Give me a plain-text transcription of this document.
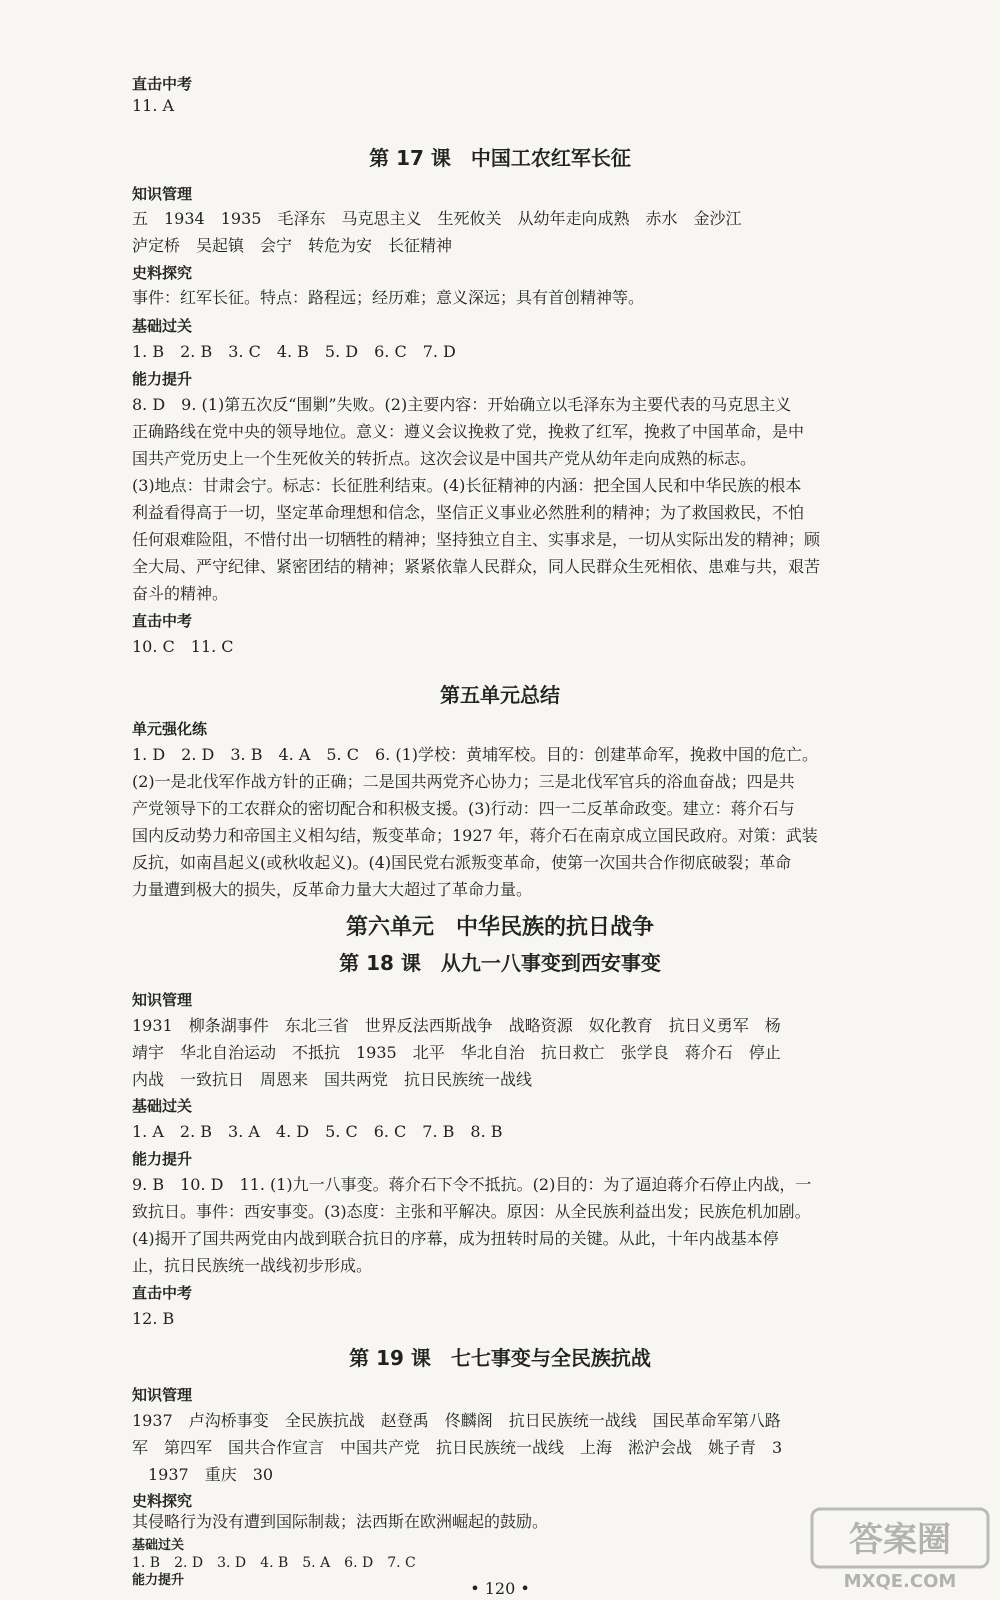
直击中考
11. A
第 17 课　中国工农红军长征
知识管理
五　1934　1935　毛泽东　马克思主义　生死攸关　从幼年走向成熟　赤水　金沙江
泸定桥　吴起镇　会宁　转危为安　长征精神
史料探究
事件：红军长征。特点：路程远；经历难；意义深远；具有首创精神等。
基础过关
1. B　2. B　3. C　4. B　5. D　6. C　7. D
能力提升
8. D　9. (1)第五次反“围剿”失败。(2)主要内容：开始确立以毛泽东为主要代表的马克思主义
正确路线在党中央的领导地位。意义：遵义会议挽救了党，挽救了红军，挽救了中国革命，是中
国共产党历史上一个生死攸关的转折点。这次会议是中国共产党从幼年走向成熟的标志。
(3)地点：甘肃会宁。标志：长征胜利结束。(4)长征精神的内涵：把全国人民和中华民族的根本
利益看得高于一切，坚定革命理想和信念，坚信正义事业必然胜利的精神；为了救国救民，不怕
任何艰难险阻，不惜付出一切牺牲的精神；坚持独立自主、实事求是，一切从实际出发的精神；顾
全大局、严守纪律、紧密团结的精神；紧紧依靠人民群众，同人民群众生死相依、患难与共，艰苦
奋斗的精神。
直击中考
10. C　11. C
第五单元总结
单元强化练
1. D　2. D　3. B　4. A　5. C　6. (1)学校：黄埔军校。目的：创建革命军，挽救中国的危亡。
(2)一是北伐军作战方针的正确；二是国共两党齐心协力；三是北伐军官兵的浴血奋战；四是共
产党领导下的工农群众的密切配合和积极支援。(3)行动：四一二反革命政变。建立：蒋介石与
国内反动势力和帝国主义相勾结，叛变革命；1927 年，蒋介石在南京成立国民政府。对策：武装
反抗，如南昌起义(或秋收起义)。(4)国民党右派叛变革命，使第一次国共合作彻底破裂；革命
力量遭到极大的损失，反革命力量大大超过了革命力量。
第六单元　中华民族的抗日战争
第 18 课　从九一八事变到西安事变
知识管理
1931　柳条湖事件　东北三省　世界反法西斯战争　战略资源　奴化教育　抗日义勇军　杨
靖宇　华北自治运动　不抵抗　1935　北平　华北自治　抗日救亡　张学良　蒋介石　停止
内战　一致抗日　周恩来　国共两党　抗日民族统一战线
基础过关
1. A　2. B　3. A　4. D　5. C　6. C　7. B　8. B
能力提升
9. B　10. D　11. (1)九一八事变。蒋介石下令不抵抗。(2)目的：为了逼迫蒋介石停止内战，一
致抗日。事件：西安事变。(3)态度：主张和平解决。原因：从全民族利益出发；民族危机加剧。
(4)揭开了国共两党由内战到联合抗日的序幕，成为扭转时局的关键。从此，十年内战基本停
止，抗日民族统一战线初步形成。
直击中考
12. B
第 19 课　七七事变与全民族抗战
知识管理
1937　卢沟桥事变　全民族抗战　赵登禹　佟麟阁　抗日民族统一战线　国民革命军第八路
军　第四军　国共合作宣言　中国共产党　抗日民族统一战线　上海　淞沪会战　姚子青　3
　1937　重庆　30
史料探究
其侵略行为没有遭到国际制裁；法西斯在欧洲崛起的鼓励。
基础过关
1. B　2. D　3. D　4. B　5. A　6. D　7. C
能力提升	• 120 •
答案圈
MXQE.COM
